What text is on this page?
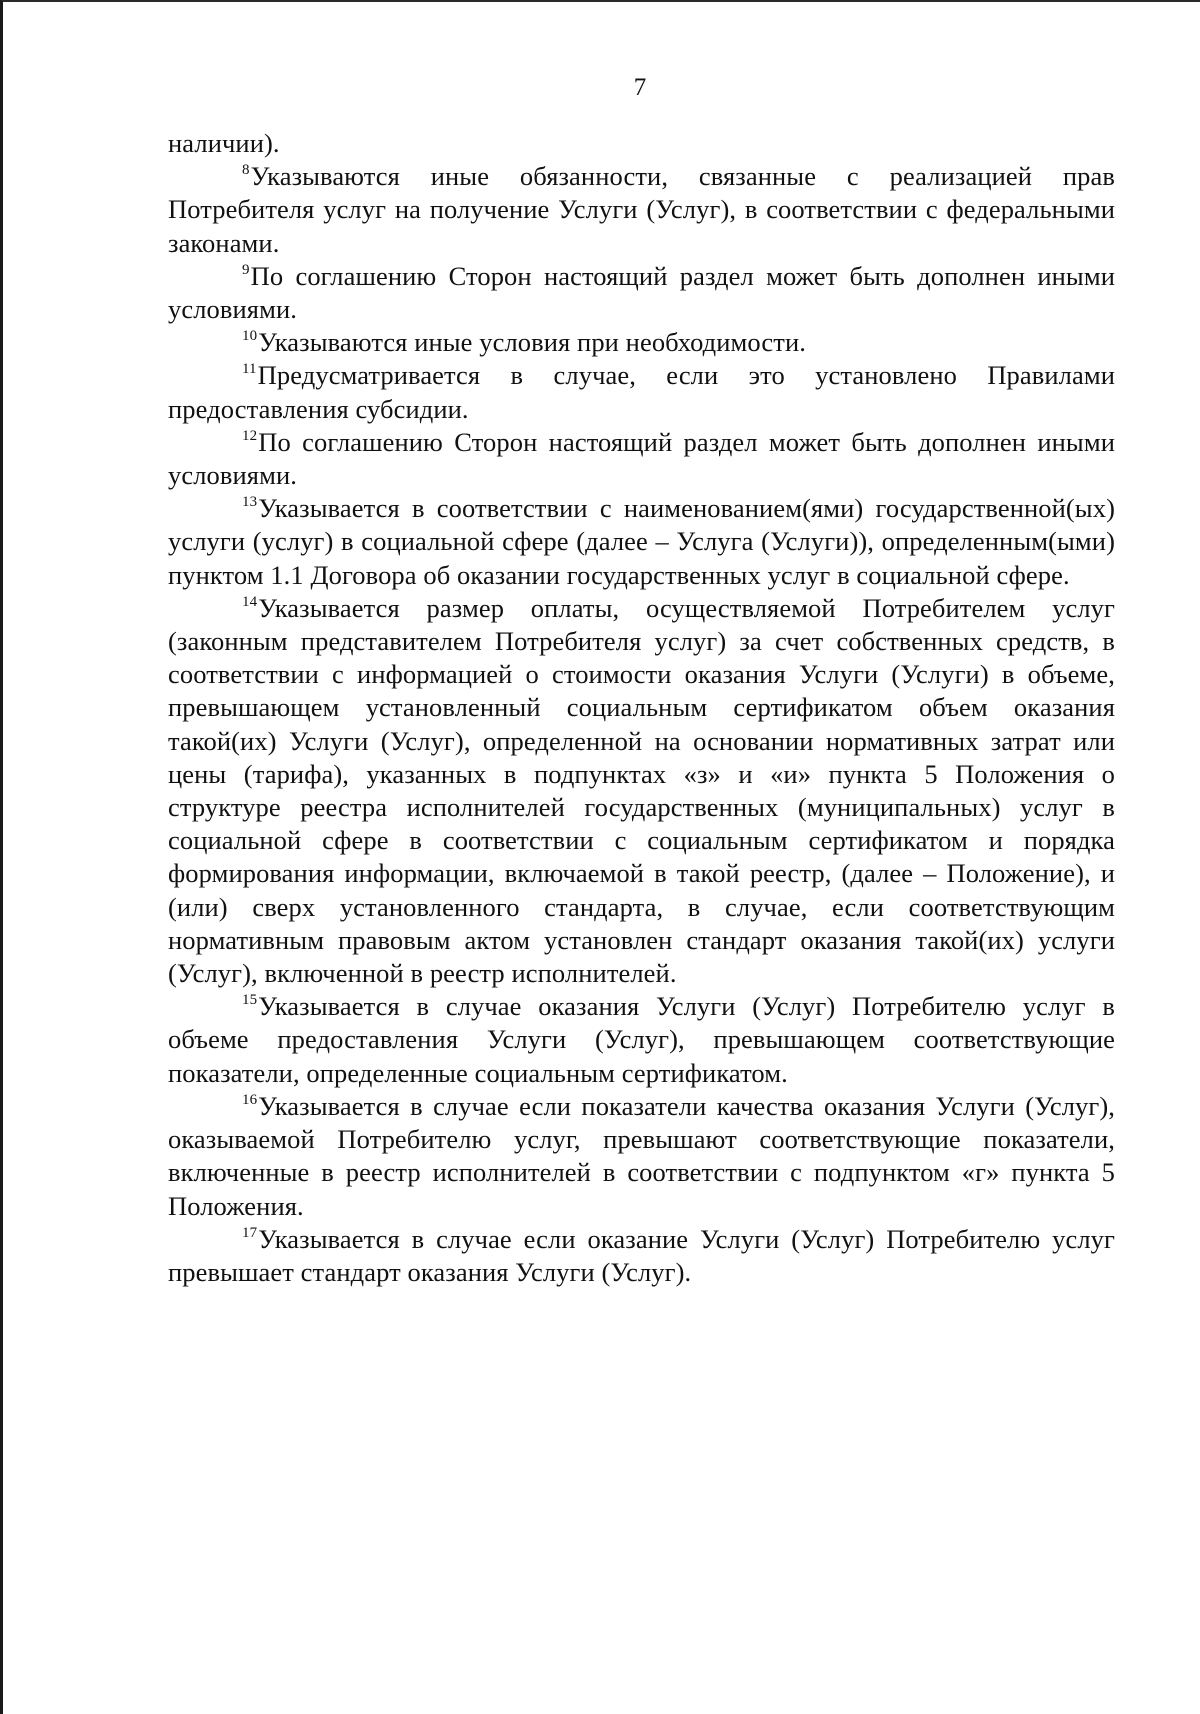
7

наличии).

$^8$Указываются иные обязанности, связанные с реализацией прав Потребителя услуг на получение Услуги (Услуг), в соответствии с федеральными законами.

$^9$По соглашению Сторон настоящий раздел может быть дополнен иными условиями.

$^{10}$Указываются иные условия при необходимости.

$^{11}$Предусматривается в случае, если это установлено Правилами предоставления субсидии.

$^{12}$По соглашению Сторон настоящий раздел может быть дополнен иными условиями.

$^{13}$Указывается в соответствии с наименованием(ями) государственной(ых) услуги (услуг) в социальной сфере (далее – Услуга (Услуги)), определенным(ыми) пунктом 1.1 Договора об оказании государственных услуг в социальной сфере.

$^{14}$Указывается размер оплаты, осуществляемой Потребителем услуг (законным представителем Потребителя услуг) за счет собственных средств, в соответствии с информацией о стоимости оказания Услуги (Услуги) в объеме, превышающем установленный социальным сертификатом объем оказания такой(их) Услуги (Услуг), определенной на основании нормативных затрат или цены (тарифа), указанных в подпунктах «з» и «и» пункта 5 Положения о структуре реестра исполнителей государственных (муниципальных) услуг в социальной сфере в соответствии с социальным сертификатом и порядка формирования информации, включаемой в такой реестр, (далее – Положение), и (или) сверх установленного стандарта, в случае, если соответствующим нормативным правовым актом установлен стандарт оказания такой(их) услуги (Услуг), включенной в реестр исполнителей.

$^{15}$Указывается в случае оказания Услуги (Услуг) Потребителю услуг в объеме предоставления Услуги (Услуг), превышающем соответствующие показатели, определенные социальным сертификатом.

$^{16}$Указывается в случае если показатели качества оказания Услуги (Услуг), оказываемой Потребителю услуг, превышают соответствующие показатели, включенные в реестр исполнителей в соответствии с подпунктом «г» пункта 5 Положения.

$^{17}$Указывается в случае если оказание Услуги (Услуг) Потребителю услуг превышает стандарт оказания Услуги (Услуг).
